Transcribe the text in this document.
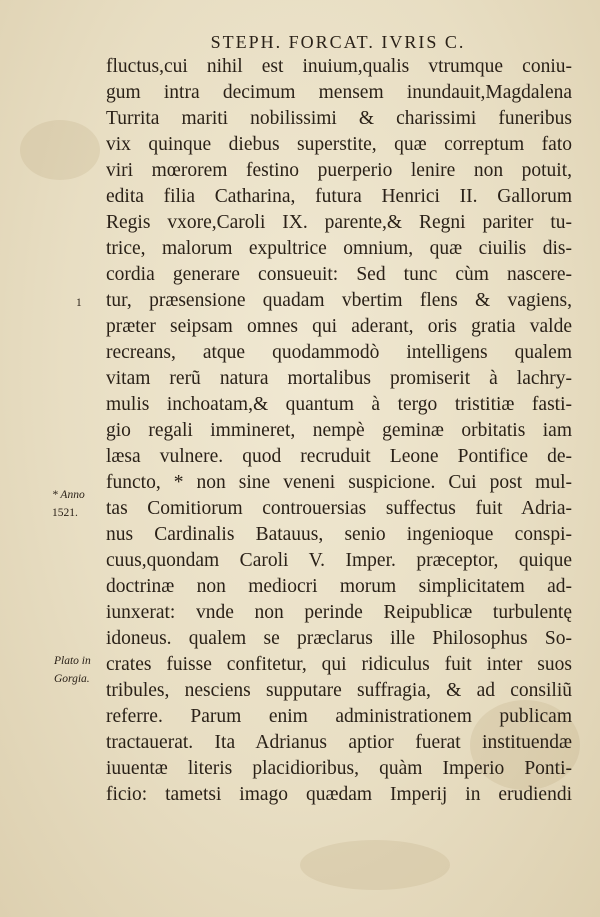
STEPH. FORCAT. IVRIS C.
fluctus,cui nihil est inuium,qualis vtrumque coniu-
gum intra decimum mensem inundauit,Magdalena
Turrita mariti nobilissimi & charissimi funeribus
vix quinque diebus superstite, quæ correptum fato
viri mœrorem festino puerperio lenire non potuit,
edita filia Catharina, futura Henrici II. Gallorum
Regis vxore,Caroli IX. parente,& Regni pariter tu-
trice, malorum expultrice omnium, quæ ciuilis dis-
cordia generare consueuit: Sed tunc cùm nascere-
tur, præsensione quadam vbertim flens & vagiens,
præter seipsam omnes qui aderant, oris gratia valde
recreans, atque quodammodò intelligens qualem
vitam rerũ natura mortalibus promiserit à lachry-
mulis inchoatam,& quantum à tergo tristitiæ fasti-
gio regali immineret, nempè geminæ orbitatis iam
læsa vulnere. quod recruduit Leone Pontifice de-
functo, * non sine veneni suspicione. Cui post mul-
tas Comitiorum controuersias suffectus fuit Adria-
nus Cardinalis Batauus, senio ingenioque conspi-
cuus,quondam Caroli V. Imper. præceptor, quique
doctrinæ non mediocri morum simplicitatem ad-
iunxerat: vnde non perinde Reipublicæ turbulentę
idoneus. qualem se præclarus ille Philosophus So-
crates fuisse confitetur, qui ridiculus fuit inter suos
tribules, nesciens supputare suffragia, & ad consiliũ
referre. Parum enim administrationem publicam
tractauerat. Ita Adrianus aptior fuerat instituendæ
iuuentæ literis placidioribus, quàm Imperio Ponti-
ficio: tametsi imago quædam Imperij in erudiendi
1
* Anno
1521.
Plato in
Gorgia.
